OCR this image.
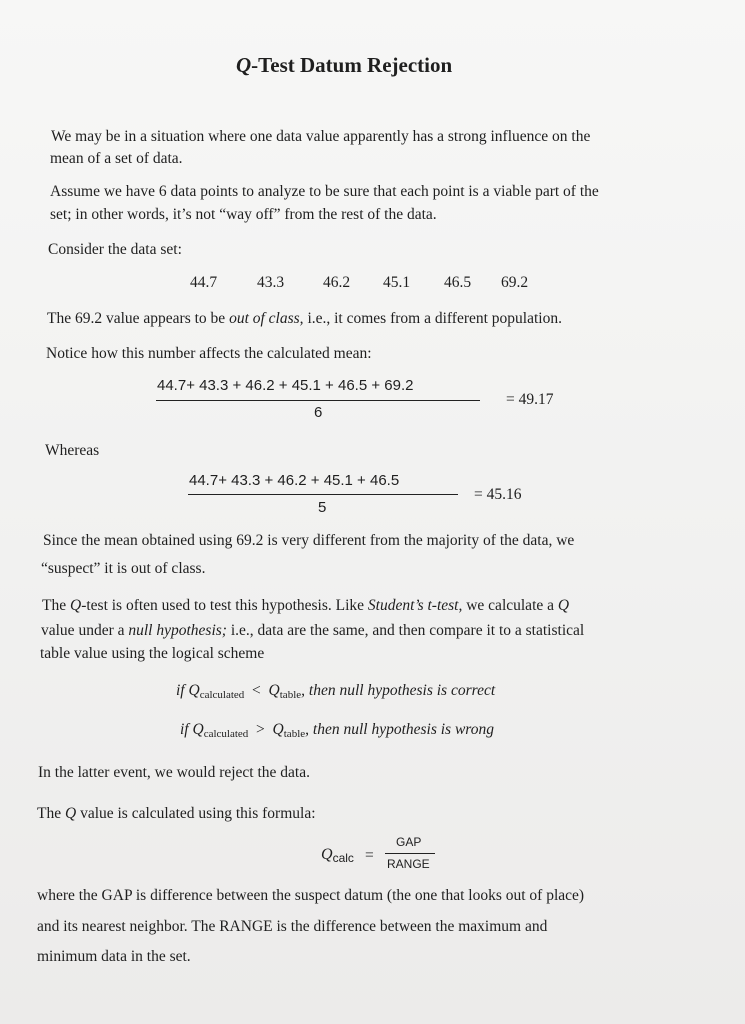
Q-Test Datum Rejection
We may be in a situation where one data value apparently has a strong influence on the
mean of a set of data.
Assume we have 6 data points to analyze to be sure that each point is a viable part of the
set; in other words, it’s not “way off” from the rest of the data.
Consider the data set:
44.7	43.3	46.2 45.1 46.5 69.2
The 69.2 value appears to be out of class, i.e., it comes from a different population.
Notice how this number affects the calculated mean:
44.7+ 43.3 + 46.2 + 45.1 + 46.5 + 69.2
6
= 49.17
Whereas
44.7+ 43.3 + 46.2 + 45.1 + 46.5
5
= 45.16
Since the mean obtained using 69.2 is very different from the majority of the data, we
“suspect” it is out of class.
The Q-test is often used to test this hypothesis. Like Student’s t-test, we calculate a Q
value under a null hypothesis; i.e., data are the same, and then compare it to a statistical
table value using the logical scheme
if $Q_{calculated} < Q_{table}$, then null hypothesis is correct
if $Q_{calculated} > Q_{table}$, then null hypothesis is wrong
In the latter event, we would reject the data.
The Q value is calculated using this formula:
Qcalc =
GAP
RANGE
where the GAP is difference between the suspect datum (the one that looks out of place)
and its nearest neighbor. The RANGE is the difference between the maximum and
minimum data in the set.
